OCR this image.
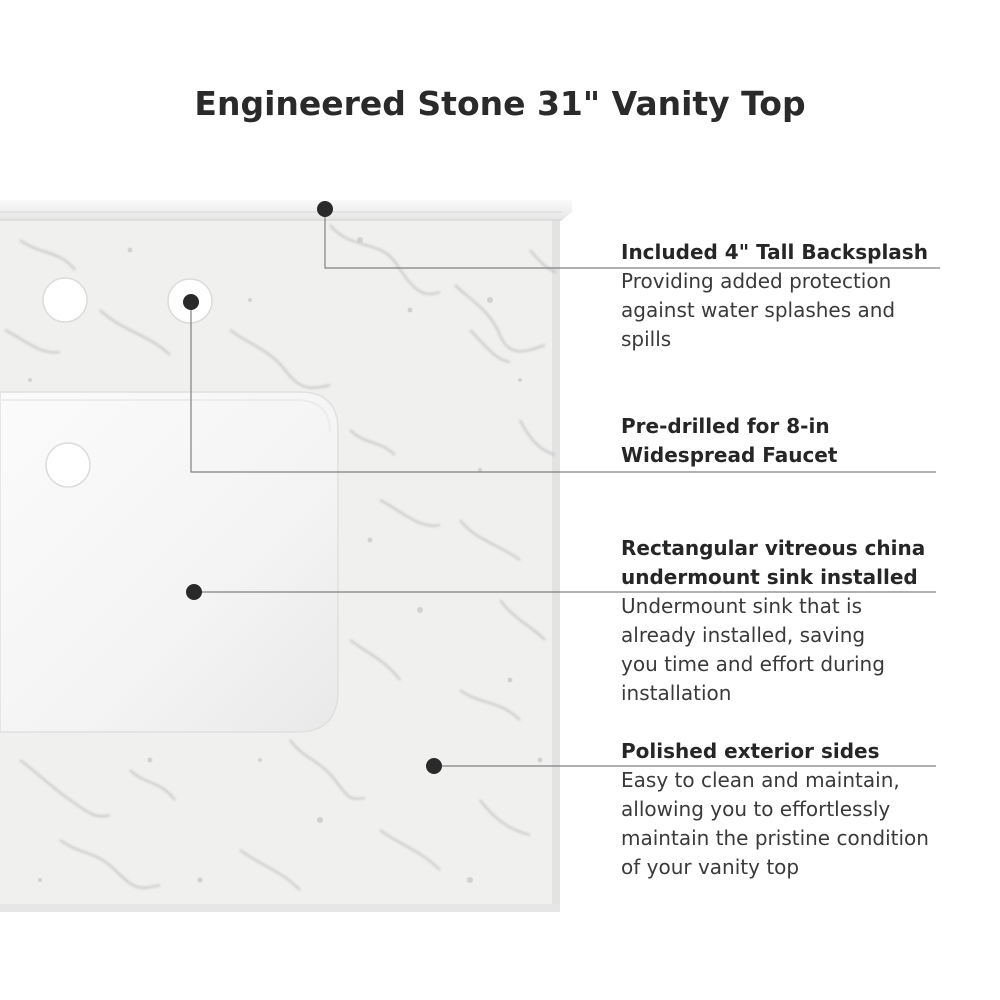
Engineered Stone 31" Vanity Top
Included 4" Tall Backsplash
Providing added protection
against water splashes and
spills
Pre-drilled for 8-in
Widespread Faucet
Rectangular vitreous china
undermount sink installed
Undermount sink that is
already installed, saving
you time and effort during
installation
Polished exterior sides
Easy to clean and maintain,
allowing you to effortlessly
maintain the pristine condition
of your vanity top
